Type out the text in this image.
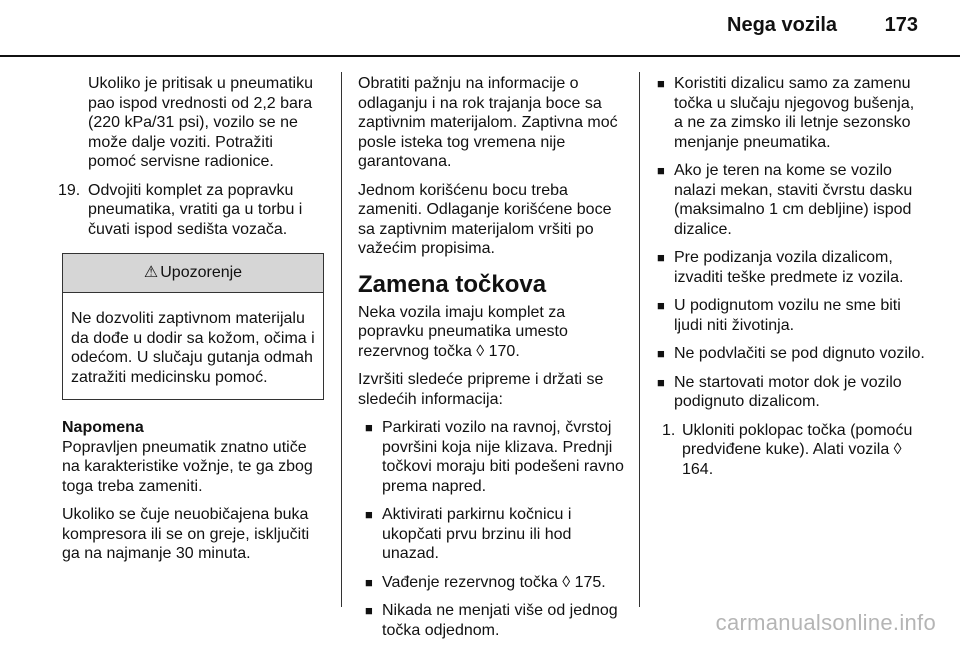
Nega vozila 173

Ukoliko je pritisak u pneumatiku pao ispod vrednosti od 2,2 bara (220 kPa/31 psi), vozilo se ne može dalje voziti. Potražiti pomoć servisne radionice.

19. Odvojiti komplet za popravku pneumatika, vratiti ga u torbu i čuvati ispod sedišta vozača.
⚠ Upozorenje
Ne dozvoliti zaptivnom materijalu da dođe u dodir sa kožom, očima i odećom. U slučaju gutanja odmah zatražiti medicinsku pomoć.

Napomena

Popravljen pneumatik znatno utiče na karakteristike vožnje, te ga zbog toga treba zameniti.

Ukoliko se čuje neuobičajena buka kompresora ili se on greje, isključiti ga na najmanje 30 minuta.

Obratiti pažnju na informacije o odlaganju i na rok trajanja boce sa zaptivnim materijalom. Zaptivna moć posle isteka tog vremena nije garantovana.

Jednom korišćenu bocu treba zameniti. Odlaganje korišćene boce sa zaptivnim materijalom vršiti po važećim propisima.

Zamena točkova

Neka vozila imaju komplet za popravku pneumatika umesto rezervnog točka ◊ 170.

Izvršiti sledeće pripreme i držati se sledećih informacija:

■ Parkirati vozilo na ravnoj, čvrstoj površini koja nije klizava. Prednji točkovi moraju biti podešeni ravno prema napred.
■ Aktivirati parkirnu kočnicu i ukopčati prvu brzinu ili hod unazad.
■ Vađenje rezervnog točka ◊ 175.
■ Nikada ne menjati više od jednog točka odjednom.
■ Koristiti dizalicu samo za zamenu točka u slučaju njegovog bušenja, a ne za zimsko ili letnje sezonsko menjanje pneumatika.
■ Ako je teren na kome se vozilo nalazi mekan, staviti čvrstu dasku (maksimalno 1 cm debljine) ispod dizalice.
■ Pre podizanja vozila dizalicom, izvaditi teške predmete iz vozila.
■ U podignutom vozilu ne sme biti ljudi niti životinja.
■ Ne podvlačiti se pod dignuto vozilo.
■ Ne startovati motor dok je vozilo podignuto dizalicom.
1. Ukloniti poklopac točka (pomoću predviđene kuke). Alati vozila ◊ 164.
carmanualsonline.info
